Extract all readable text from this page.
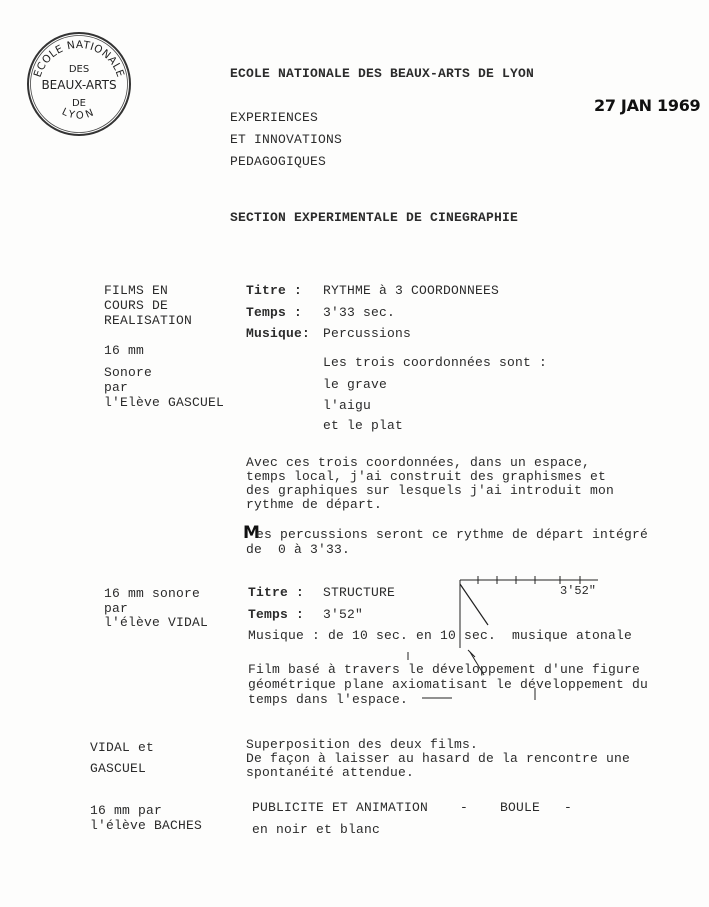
ECOLE NATIONALE
DES
BEAUX-ARTS
DE
LYON
ECOLE NATIONALE DES BEAUX-ARTS DE LYON
27 JAN 1969
EXPERIENCES
ET INNOVATIONS
PEDAGOGIQUES
SECTION EXPERIMENTALE DE CINEGRAPHIE
FILMS EN
COURS DE
REALISATION
16 mm
Sonore
par
l'Elève GASCUEL
Titre : RYTHME à 3 COORDONNEES
Temps : 3'33 sec.
Musique: Percussions
Les trois coordonnées sont :
le grave
l'aigu
et le plat
Avec ces trois coordonnées, dans un espace,
temps local, j'ai construit des graphismes et
des graphiques sur lesquels j'ai introduit mon
rythme de départ.
M
es percussions seront ce rythme de départ intégré
de  0 à 3'33.
16 mm sonore
par
l'élève VIDAL
Titre : STRUCTURE
Temps : 3'52"
Musique : de 10 sec. en 10 sec.  musique atonale
3'52"
Film basé à travers le développement d'une figure
géométrique plane axiomatisant le développement du
temps dans l'espace.
VIDAL et
GASCUEL
Superposition des deux films.
De façon à laisser au hasard de la rencontre une
spontanéité attendue.
16 mm par
l'élève BACHES
PUBLICITE ET ANIMATION    -    BOULE   -
en noir et blanc
